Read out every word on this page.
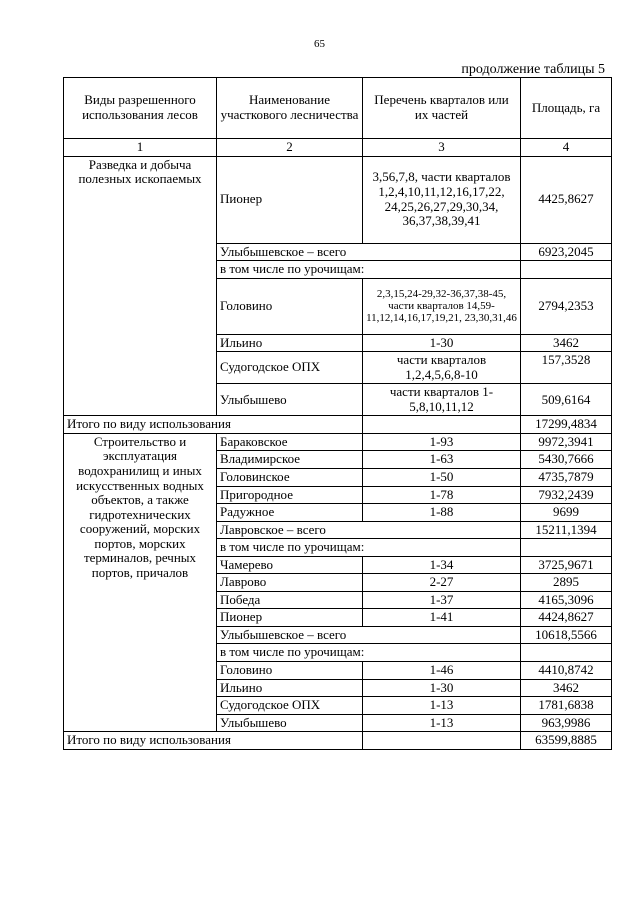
65
продолжение таблицы 5
Виды разрешенного использования лесов	Наименование участкового лесничества	Перечень кварталов или их частей	Площадь, га
1	2	3	4
Разведка и добыча полезных ископаемых	Пионер	3,56,7,8, части кварталов 1,2,4,10,11,12,16,17,22, 24,25,26,27,29,30,34, 36,37,38,39,41	4425,8627
	Улыбышевское – всего		6923,2045
	в том числе по урочищам:		
	Головино	2,3,15,24-29,32-36,37,38-45, части кварталов 14,59-11,12,14,16,17,19,21, 23,30,31,46	2794,2353
	Ильино	1-30	3462
	Судогодское ОПХ	части кварталов 1,2,4,5,6,8-10	157,3528
	Улыбышево	части кварталов 1-5,8,10,11,12	509,6164
Итого по виду использования			17299,4834
Строительство и эксплуатация водохранилищ и иных искусственных водных объектов, а также гидротехнических сооружений, морских портов, морских терминалов, речных портов, причалов	Бараковское	1-93	9972,3941
	Владимирское	1-63	5430,7666
	Головинское	1-50	4735,7879
	Пригородное	1-78	7932,2439
	Радужное	1-88	9699
	Лавровское – всего		15211,1394
	в том числе по урочищам:		
	Чамерево	1-34	3725,9671
	Лаврово	2-27	2895
	Победа	1-37	4165,3096
	Пионер	1-41	4424,8627
	Улыбышевское – всего		10618,5566
	в том числе по урочищам:		
	Головино	1-46	4410,8742
	Ильино	1-30	3462
	Судогодское ОПХ	1-13	1781,6838
	Улыбышево	1-13	963,9986
Итого по виду использования			63599,8885
